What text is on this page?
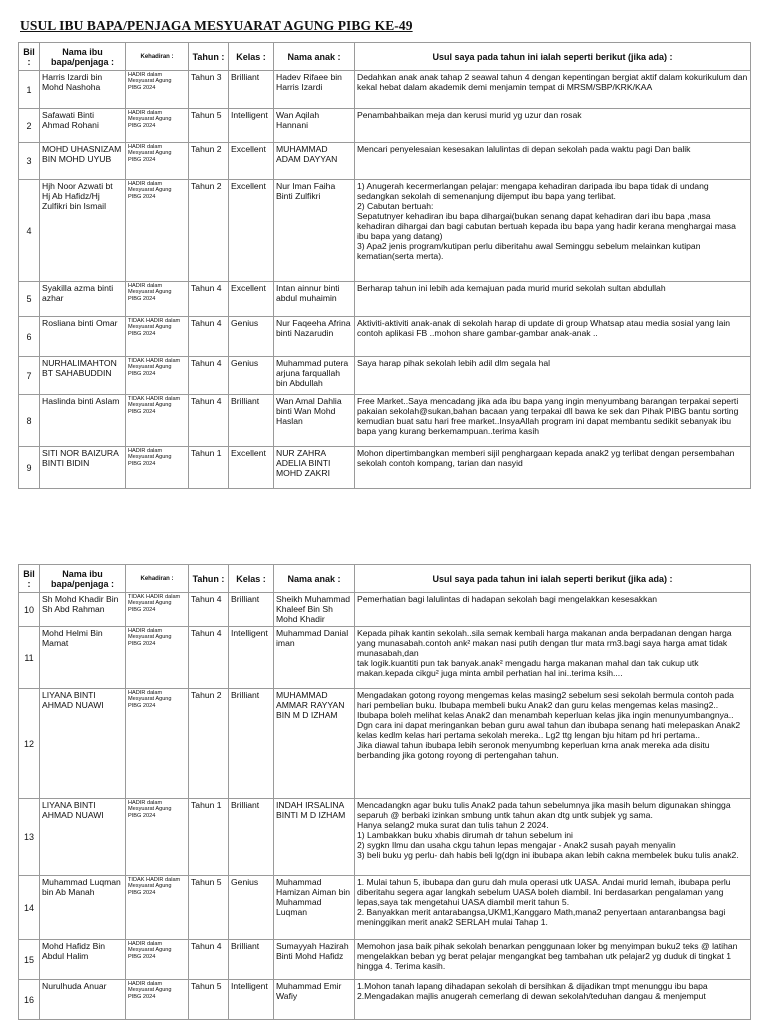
USUL IBU BAPA/PENJAGA MESYUARAT AGUNG PIBG KE-49
Bil :	Nama ibu bapa/penjaga :	Kehadiran :	Tahun :	Kelas :	Nama anak :	Usul saya pada tahun ini ialah seperti berikut (jika ada) :
1	Harris Izardi bin Mohd Nashoha	HADIR dalam Mesyuarat Agung PIBG 2024	Tahun 3	Brilliant	Hadev Rifaee bin Harris Izardi	Dedahkan anak anak tahap 2 seawal tahun 4 dengan kepentingan bergiat aktif dalam kokurikulum dan kekal hebat dalam akademik demi menjamin tempat di MRSM/SBP/KRK/KAA
2	Safawati Binti Ahmad Rohani	HADIR dalam Mesyuarat Agung PIBG 2024	Tahun 5	Intelligent	Wan Aqilah Hannani	Penambahbaikan meja dan kerusi murid yg uzur dan rosak
3	MOHD UHASNIZAM BIN MOHD UYUB	HADIR dalam Mesyuarat Agung PIBG 2024	Tahun 2	Excellent	MUHAMMAD ADAM DAYYAN	Mencari penyelesaian kesesakan lalulintas di depan sekolah pada waktu pagi Dan balik
4	Hjh Noor Azwati bt Hj Ab Hafidz/Hj Zulfikri bin Ismail	HADIR dalam Mesyuarat Agung PIBG 2024	Tahun 2	Excellent	Nur Iman Faiha Binti Zulfikri	1) Anugerah kecermerlangan pelajar: mengapa kehadiran daripada ibu bapa tidak di undang sedangkan sekolah di semenanjung dijemput ibu bapa yang terlibat.
2) Cabutan bertuah:
Sepatutnyer kehadiran ibu bapa dihargai(bukan senang dapat kehadiran dari ibu bapa ,masa kehadiran dihargai dan bagi cabutan bertuah kepada ibu bapa yang hadir kerana menghargai masa ibu bapa yang datang)
3) Apa2 jenis program/kutipan perlu diberitahu awal Seminggu sebelum melainkan kutipan kematian(serta merta).
5	Syakilla azma binti azhar	HADIR dalam Mesyuarat Agung PIBG 2024	Tahun 4	Excellent	Intan ainnur binti abdul muhaimin	Berharap tahun ini lebih ada kemajuan pada murid murid sekolah sultan abdullah
6	Rosliana binti Omar	TIDAK HADIR dalam Mesyuarat Agung PIBG 2024	Tahun 4	Genius	Nur Faqeeha Afrina binti Nazarudin	Aktiviti-aktiviti anak-anak di sekolah harap di update di group Whatsap atau media sosial yang lain contoh aplikasi FB ..mohon share gambar-gambar anak-anak ..
7	NURHALIMAHTON BT SAHABUDDIN	TIDAK HADIR dalam Mesyuarat Agung PIBG 2024	Tahun 4	Genius	Muhammad putera arjuna farquallah bin Abdullah	Saya harap pihak sekolah lebih adil dlm segala hal
8	Haslinda binti Aslam	TIDAK HADIR dalam Mesyuarat Agung PIBG 2024	Tahun 4	Brilliant	Wan Amal Dahlia binti Wan Mohd Haslan	Free Market..Saya mencadang jika ada ibu bapa yang ingin menyumbang barangan terpakai seperti pakaian sekolah@sukan,bahan bacaan yang terpakai dll bawa ke sek dan Pihak PIBG bantu sorting kemudian buat satu hari free market..InsyaAllah program ini dapat membantu sedikit sebanyak ibu bapa yang kurang berkemampuan..terima kasih
9	SITI NOR BAIZURA BINTI BIDIN	HADIR dalam Mesyuarat Agung PIBG 2024	Tahun 1	Excellent	NUR ZAHRA ADELIA BINTI MOHD ZAKRI	Mohon dipertimbangkan memberi sijil penghargaan kepada anak2 yg terlibat dengan persembahan sekolah contoh kompang, tarian dan nasyid
Bil :	Nama ibu bapa/penjaga :	Kehadiran :	Tahun :	Kelas :	Nama anak :	Usul saya pada tahun ini ialah seperti berikut (jika ada) :
10	Sh Mohd Khadir Bin Sh Abd Rahman	TIDAK HADIR dalam Mesyuarat Agung PIBG 2024	Tahun 4	Brilliant	Sheikh Muhammad Khaleef Bin Sh Mohd Khadir	Pemerhatian bagi lalulintas di hadapan sekolah bagi mengelakkan kesesakkan
11	Mohd Helmi Bin Mamat	HADIR dalam Mesyuarat Agung PIBG 2024	Tahun 4	Intelligent	Muhammad Danial iman	Kepada pihak kantin sekolah..sila semak kembali harga makanan anda berpadanan dengan harga yang munasabah.contoh ank² makan nasi putih dengan tlur mata rm3.bagi saya harga amat tidak munasabah,dan
tak logik.kuantiti pun tak banyak.anak² mengadu harga makanan mahal dan tak cukup utk makan.kepada cikgu² juga minta ambil perhatian hal ini..terima ksih....
12	LIYANA BINTI AHMAD NUAWI	HADIR dalam Mesyuarat Agung PIBG 2024	Tahun 2	Brilliant	MUHAMMAD AMMAR RAYYAN BIN M D IZHAM	Mengadakan gotong royong mengemas kelas masing2 sebelum sesi sekolah bermula contoh pada hari pembelian buku. Ibubapa membeli buku Anak2 dan guru kelas mengemas kelas masing2.. Ibubapa boleh melihat kelas Anak2 dan menambah keperluan kelas jika ingin menunyumbangnya..
Dgn cara ini dapat meringankan beban guru awal tahun dan ibubapa senang hati melepaskan Anak2 kelas kedlm kelas hari pertama sekolah mereka.. Lg2 ttg lengan bju hitam pd hri pertama..
Jika diawal tahun ibubapa lebih seronok menyumbng keperluan krna anak mereka ada disitu berbanding jika gotong royong di pertengahan tahun.
13	LIYANA BINTI AHMAD NUAWI	HADIR dalam Mesyuarat Agung PIBG 2024	Tahun 1	Brilliant	INDAH IRSALINA BINTI M D IZHAM	Mencadangkn agar buku tulis Anak2 pada tahun sebelumnya jika masih belum digunakan shingga separuh @ berbaki izinkan smbung untk tahun akan dtg untk subjek yg sama.
Hanya selang2 muka surat dan tulis tahun 2 2024.
1) Lambakkan buku xhabis dirumah dr tahun sebelum ini
2) sygkn Ilmu dan usaha ckgu tahun lepas mengajar - Anak2 susah payah menyalin
3) beli buku yg perlu- dah habis beli lg(dgn ini ibubapa akan lebih cakna membelek buku tulis anak2.
14	Muhammad Luqman bin Ab Manah	TIDAK HADIR dalam Mesyuarat Agung PIBG 2024	Tahun 5	Genius	Muhammad Hamizan Aiman bin Muhammad Luqman	1. Mulai tahun 5, ibubapa dan guru dah mula operasi utk UASA. Andai murid lemah, ibubapa perlu diberitahu segera agar langkah sebelum UASA boleh diambil. Ini berdasarkan pengalaman yang lepas,saya tak mengetahui UASA diambil merit tahun 5.
2. Banyakkan merit antarabangsa,UKM1,Kanggaro Math,mana2 penyertaan antaranbangsa bagi meninggikan merit anak2 SERLAH mulai Tahap 1.
15	Mohd Hafidz Bin Abdul Halim	HADIR dalam Mesyuarat Agung PIBG 2024	Tahun 4	Brilliant	Sumayyah Hazirah Binti Mohd Hafidz	Memohon jasa baik pihak sekolah benarkan penggunaan loker bg menyimpan buku2 teks @ latihan mengelakkan beban yg berat pelajar mengangkat beg tambahan utk pelajar2 yg duduk di tingkat 1 hingga 4. Terima kasih.
16	Nurulhuda Anuar	HADIR dalam Mesyuarat Agung PIBG 2024	Tahun 5	Intelligent	Muhammad Emir Wafiy	1.Mohon tanah lapang dihadapan sekolah di bersihkan & dijadikan tmpt menunggu ibu bapa
2.Mengadakan majlis anugerah cemerlang di dewan sekolah/teduhan dangau & menjemput
